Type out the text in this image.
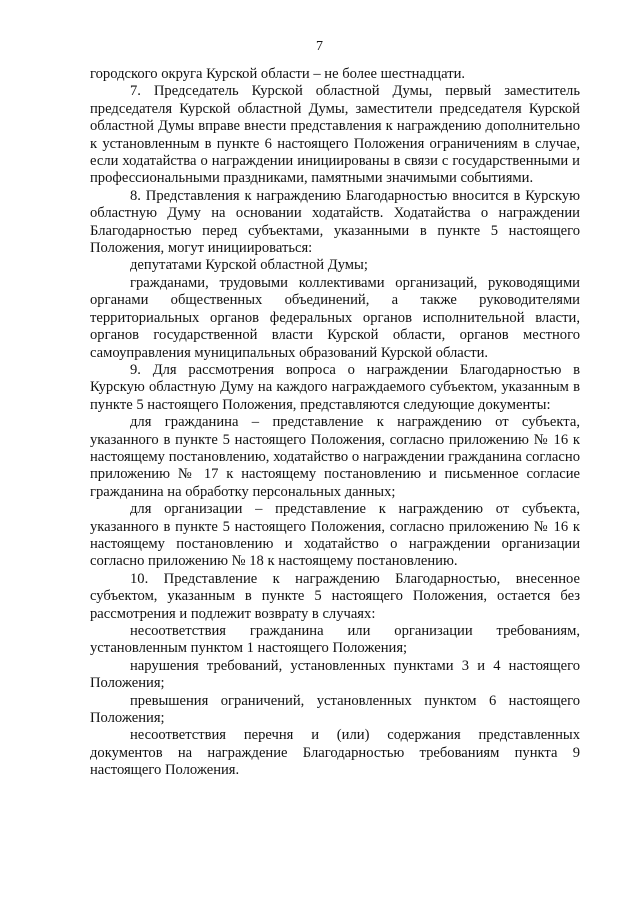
7

городского округа Курской области – не более шестнадцати.

7. Председатель Курской областной Думы, первый заместитель председателя Курской областной Думы, заместители председателя Курской областной Думы вправе внести представления к награждению дополнительно к установленным в пункте 6 настоящего Положения ограничениям в случае, если ходатайства о награждении инициированы в связи с государственными и профессиональными праздниками, памятными значимыми событиями.

8. Представления к награждению Благодарностью вносится в Курскую областную Думу на основании ходатайств. Ходатайства о награждении Благодарностью перед субъектами, указанными в пункте 5 настоящего Положения, могут инициироваться:

депутатами Курской областной Думы;

гражданами, трудовыми коллективами организаций, руководящими органами общественных объединений, а также руководителями территориальных органов федеральных органов исполнительной власти, органов государственной власти Курской области, органов местного самоуправления муниципальных образований Курской области.

9. Для рассмотрения вопроса о награждении Благодарностью в Курскую областную Думу на каждого награждаемого субъектом, указанным в пункте 5 настоящего Положения, представляются следующие документы:

для гражданина – представление к награждению от субъекта, указанного в пункте 5 настоящего Положения, согласно приложению № 16 к настоящему постановлению, ходатайство о награждении гражданина согласно приложению № 17 к настоящему постановлению и письменное согласие гражданина на обработку персональных данных;

для организации – представление к награждению от субъекта, указанного в пункте 5 настоящего Положения, согласно приложению № 16 к настоящему постановлению и ходатайство о награждении организации согласно приложению № 18 к настоящему постановлению.

10. Представление к награждению Благодарностью, внесенное субъектом, указанным в пункте 5 настоящего Положения, остается без рассмотрения и подлежит возврату в случаях:

несоответствия гражданина или организации требованиям, установленным пунктом 1 настоящего Положения;

нарушения требований, установленных пунктами 3 и 4 настоящего Положения;

превышения ограничений, установленных пунктом 6 настоящего Положения;

несоответствия перечня и (или) содержания представленных документов на награждение Благодарностью требованиям пункта 9 настоящего Положения.
